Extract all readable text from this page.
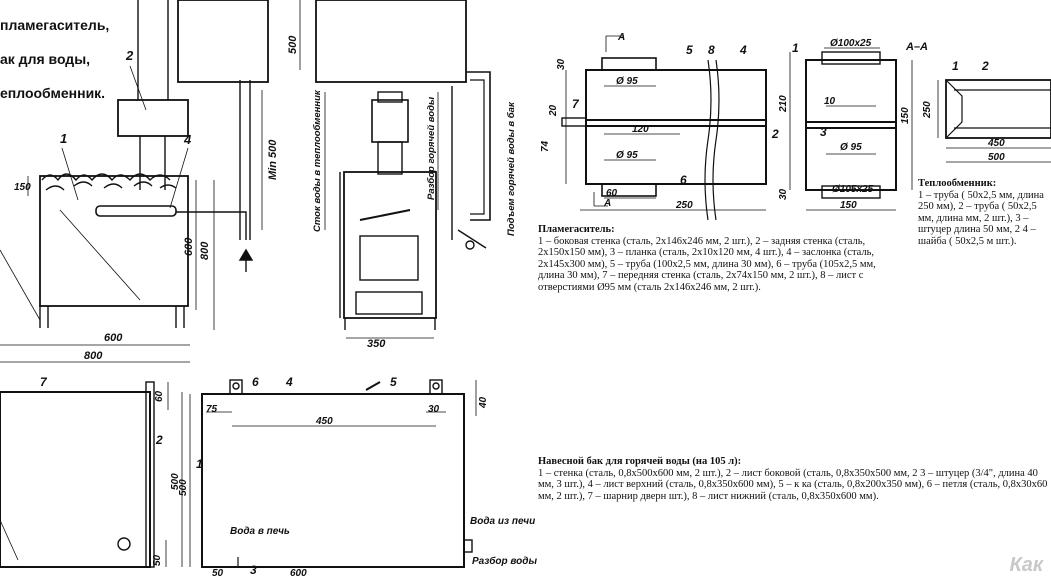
пламегаситель,
ак для воды,
еплообменник.
1
2
4
150
600
800
800
600
500
Min 500
350
Сток воды в теплообменник	Разбор горячей воды	Подъем горячей воды в бак
5 8 4
7
6
1
2	3
А
А
А–А
30
20
74
Ø 95
120
Ø 95
60
250
210
30
Ø100х25
10
Ø 95
Ø105х25
150
150
1 2
250
450
500
7
2
60
500
50
6 4	5
1
3
75
450
30
40
500
600
50
Вода в печь
Вода из печи
Разбор воды
Пламегаситель:
1 – боковая стенка (сталь, 2х146х246 мм, 2 шт.), 2 – задняя стенка (сталь, 2х150х150 мм), 3 – планка (сталь, 2х10х120 мм, 4 шт.), 4 – заслонка (сталь, 2х145х300 мм), 5 – труба (100х2,5 мм, длина 30 мм), 6 – труба (105х2,5 мм, длина 30 мм), 7 – передняя стенка (сталь, 2х74х150 мм, 2 шт.), 8 – лист с отверстиями Ø95 мм (сталь 2х146х246 мм, 2 шт.).
Теплообменник:
1 – труба ( 50х2,5 мм, длина 250 мм), 2 – труба ( 50х2,5 мм, длина мм, 2 шт.), 3 – штуцер длина 50 мм, 2 4 – шайба ( 50х2,5 м шт.).
Навесной бак для горячей воды (на 105 л):
1 – стенка (сталь, 0,8х500х600 мм, 2 шт.), 2 – лист боковой (сталь, 0,8х350х500 мм, 2 3 – штуцер (3/4", длина 40 мм, 3 шт.), 4 – лист верхний (сталь, 0,8х350х600 мм), 5 – к ка (сталь, 0,8х200х350 мм), 6 – петля (сталь, 0,8х30х60 мм, 2 шт.), 7 – шарнир дверн шт.), 8 – лист нижний (сталь, 0,8х350х600 мм).
Как
